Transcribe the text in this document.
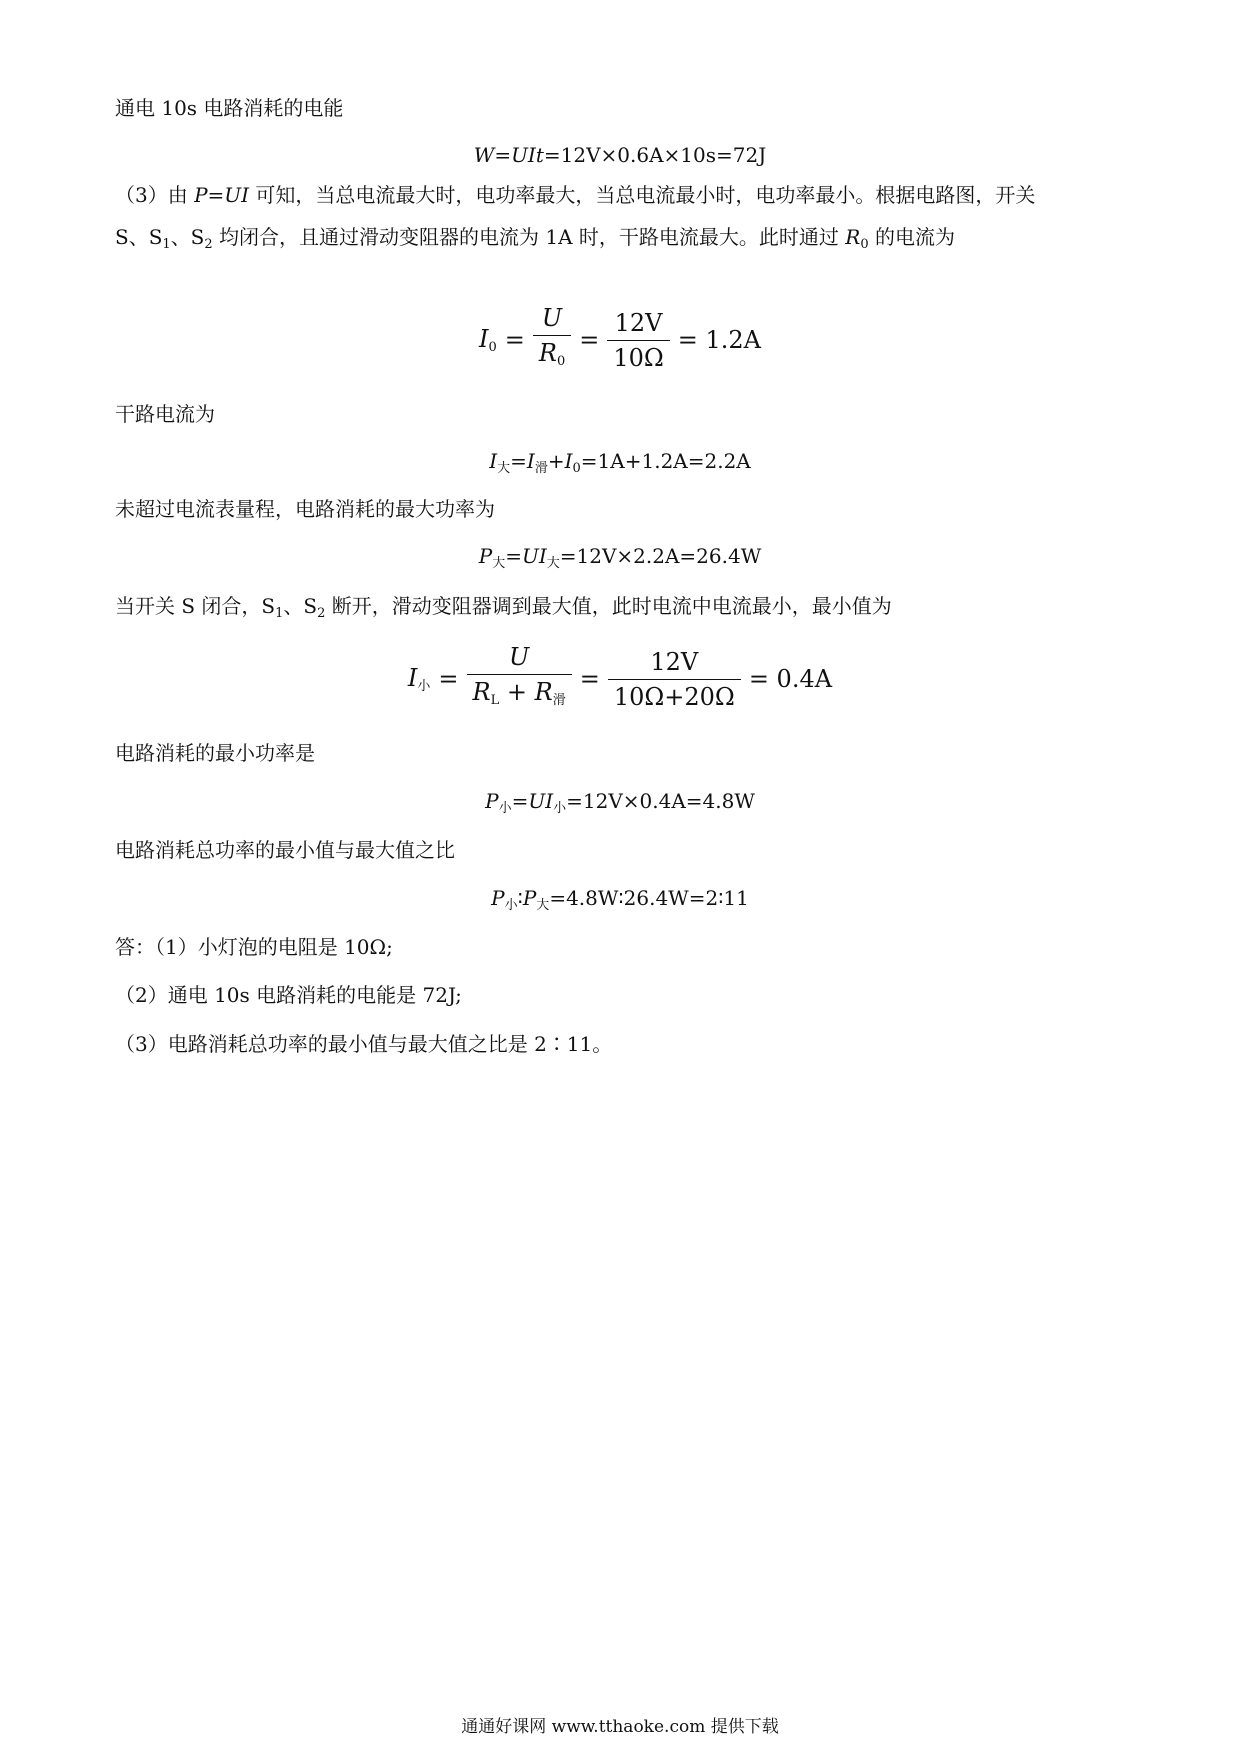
通电 10s 电路消耗的电能
W=UIt=12V×0.6A×10s=72J
（3）由 P=UI 可知，当总电流最大时，电功率最大，当总电流最小时，电功率最小。根据电路图，开关
S、$S_1$、$S_2$ 均闭合，且通过滑动变阻器的电流为 1A 时，干路电流最大。此时通过 $R_0$ 的电流为
$I0 = \frac{U}{R0} = \frac{12V}{10\Omega} = 1.2A$
干路电流为
$I_大=I_滑+I_0=1A+1.2A=2.2A$
未超过电流表量程，电路消耗的最大功率为
$P_大=UI_大=12V\times 2.2A=26.4W$
当开关 S 闭合，$S_1$、$S_2$ 断开，滑动变阻器调到最大值，此时电流中电流最小，最小值为
I小 = $\frac{U}{\text{RL + R滑}} = \frac{12V}{10\Omega+20\Omega} = 0.4A$
电路消耗的最小功率是
$P_小=UI_小=12V\times 0.4A=4.8W$
电路消耗总功率的最小值与最大值之比
$P_小∶P_大=4.8W∶26.4W=2∶11$
答：（1）小灯泡的电阻是 10Ω;
（2）通电 10s 电路消耗的电能是 72J;
（3）电路消耗总功率的最小值与最大值之比是 2∶11。
通通好课网 www.tthaoke.com 提供下载
